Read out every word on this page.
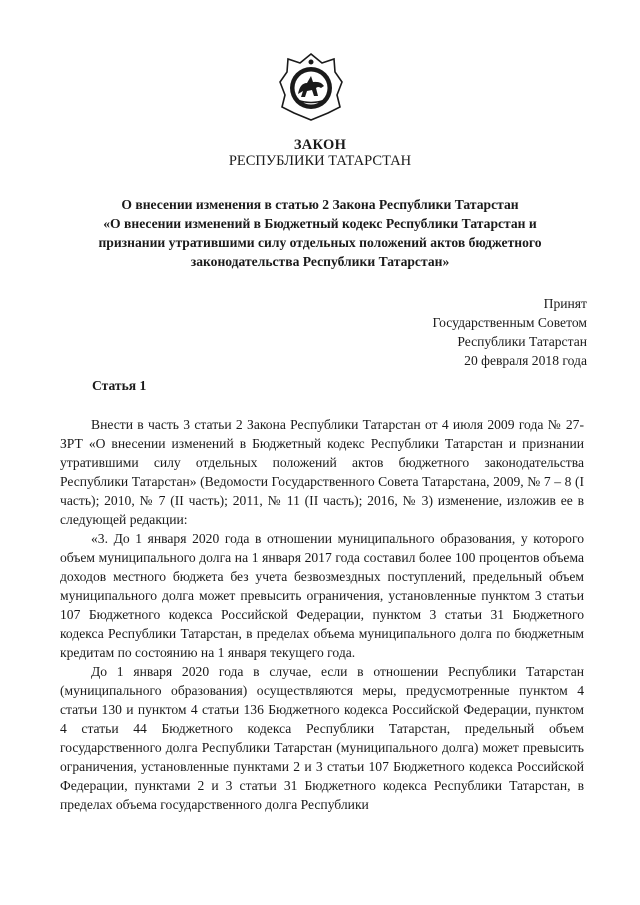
ЗАКОН
РЕСПУБЛИКИ ТАТАРСТАН
О внесении изменения в статью 2 Закона Республики Татарстан
«О внесении изменений в Бюджетный кодекс Республики Татарстан и
признании утратившими силу отдельных положений актов бюджетного
законодательства Республики Татарстан»
Принят
Государственным Советом
Республики Татарстан
20 февраля 2018 года
Статья 1

Внести в часть 3 статьи 2 Закона Республики Татарстан от 4 июля 2009 года № 27-ЗРТ «О внесении изменений в Бюджетный кодекс Республики Татарстан и признании утратившими силу отдельных положений актов бюджетного законодательства Республики Татарстан» (Ведомости Государственного Совета Татарстана, 2009, № 7 – 8 (I часть); 2010, № 7 (II часть); 2011, № 11 (II часть); 2016, № 3) изменение, изложив ее в следующей редакции:

«3. До 1 января 2020 года в отношении муниципального образования, у которого объем муниципального долга на 1 января 2017 года составил более 100 процентов объема доходов местного бюджета без учета безвозмездных поступлений, предельный объем муниципального долга может превысить ограничения, установленные пунктом 3 статьи 107 Бюджетного кодекса Российской Федерации, пунктом 3 статьи 31 Бюджетного кодекса Республики Татарстан, в пределах объема муниципального долга по бюджетным кредитам по состоянию на 1 января текущего года.

До 1 января 2020 года в случае, если в отношении Республики Татарстан (муниципального образования) осуществляются меры, предусмотренные пунктом 4 статьи 130 и пунктом 4 статьи 136 Бюджетного кодекса Российской Федерации, пунктом 4 статьи 44 Бюджетного кодекса Республики Татарстан, предельный объем государственного долга Республики Татарстан (муниципального долга) может превысить ограничения, установленные пунктами 2 и 3 статьи 107 Бюджетного кодекса Российской Федерации, пунктами 2 и 3 статьи 31 Бюджетного кодекса Республики Татарстан, в пределах объема государственного долга Республики
